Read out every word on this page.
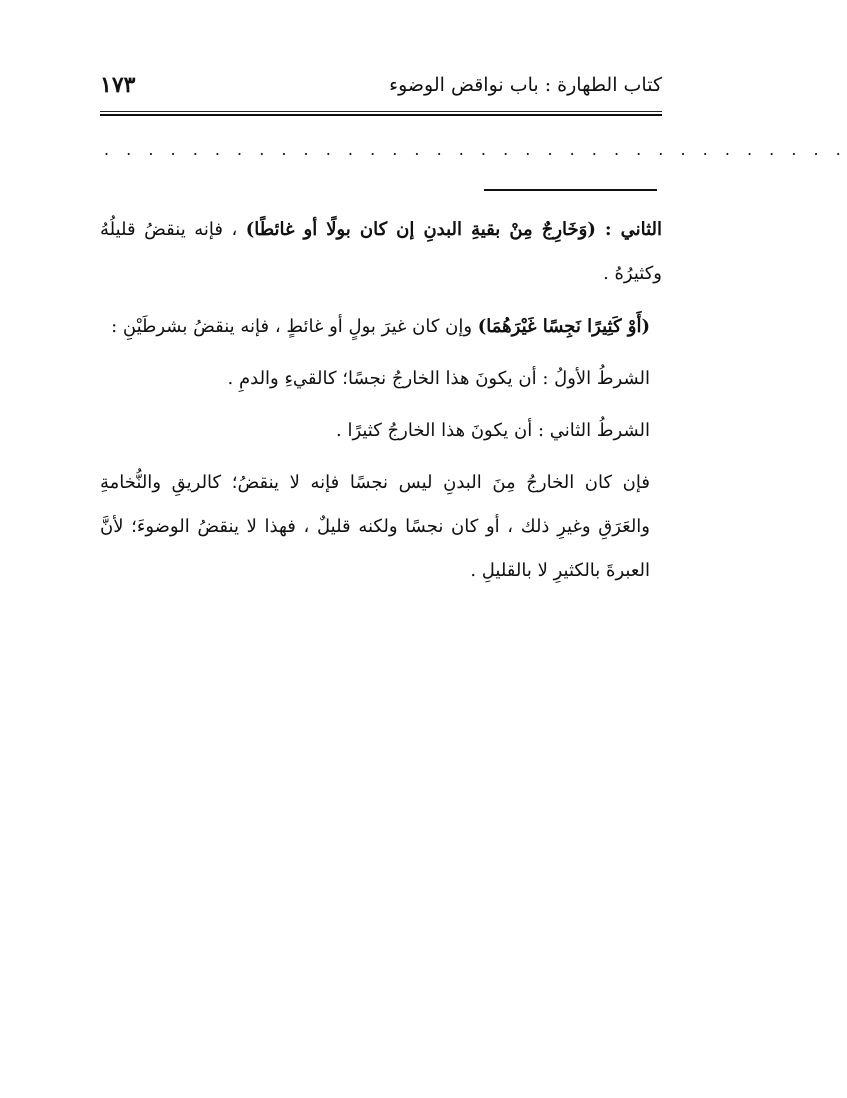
كتاب الطهارة : باب نواقض الوضوء
١٧٣
. . . . . . . . . . . . . . . . . . . . . . . . . . . . . . . . . .

الثاني : (وَخَارِجٌ مِنْ بقيةِ البدنِ إن كان بولًا أو غائطًا) ، فإنه ينقضُ قليلُهُ وكثيرُهُ .

(أَوْ كَثِيرًا نَجِسًا غَيْرَهُمَا) وإن كان غيرَ بولٍ أو غائطٍ ، فإنه ينقضُ بشرطَيْنِ :

الشرطُ الأولُ : أن يكونَ هذا الخارجُ نجسًا؛ كالقيءِ والدمِ .

الشرطُ الثاني : أن يكونَ هذا الخارجُ كثيرًا .

فإن كان الخارجُ مِنَ البدنِ ليس نجسًا فإنه لا ينقضُ؛ كالريقِ والنُّخامةِ والعَرَقِ وغيرِ ذلك ، أو كان نجسًا ولكنه قليلٌ ، فهذا لا ينقضُ الوضوءَ؛ لأنَّ العبرةَ بالكثيرِ لا بالقليلِ .
